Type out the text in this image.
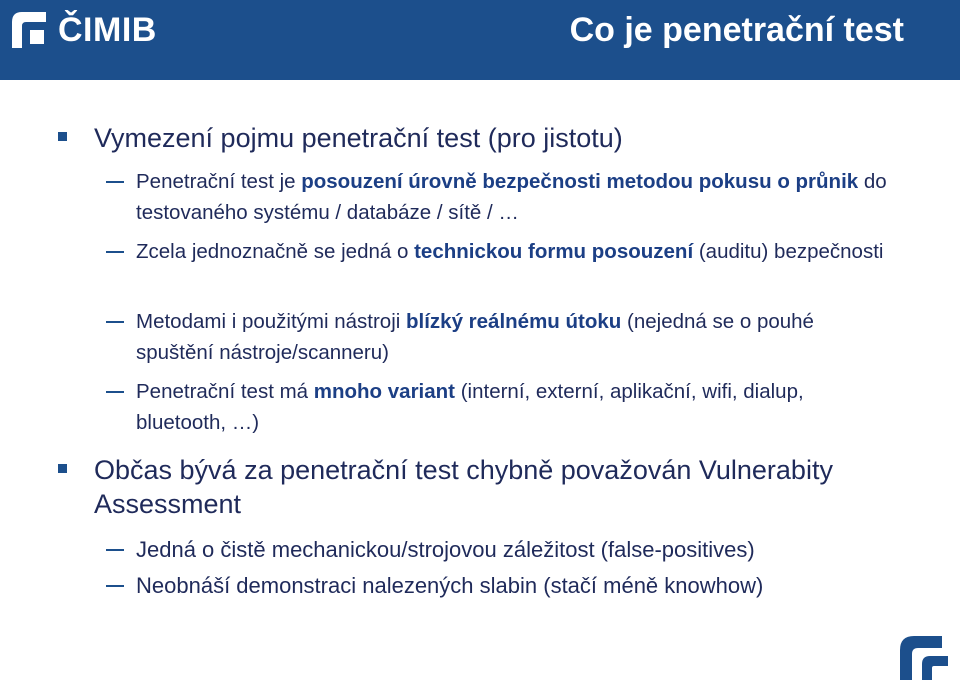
ČIMIB	Co je penetrační test
Vymezení pojmu penetrační test (pro jistotu)
Penetrační test je posouzení úrovně bezpečnosti metodou pokusu o průnik do testovaného systému / databáze / sítě / …
Zcela jednoznačně se jedná o technickou formu posouzení (auditu) bezpečnosti
Metodami i použitými nástroji blízký reálnému útoku (nejedná se o pouhé spuštění nástroje/scanneru)
Penetrační test má mnoho variant (interní, externí, aplikační, wifi, dialup, bluetooth, …)
Občas bývá za penetrační test chybně považován Vulnerabity Assessment
Jedná o čistě mechanickou/strojovou záležitost (false-positives)
Neobnáší demonstraci nalezených slabin (stačí méně knowhow)
